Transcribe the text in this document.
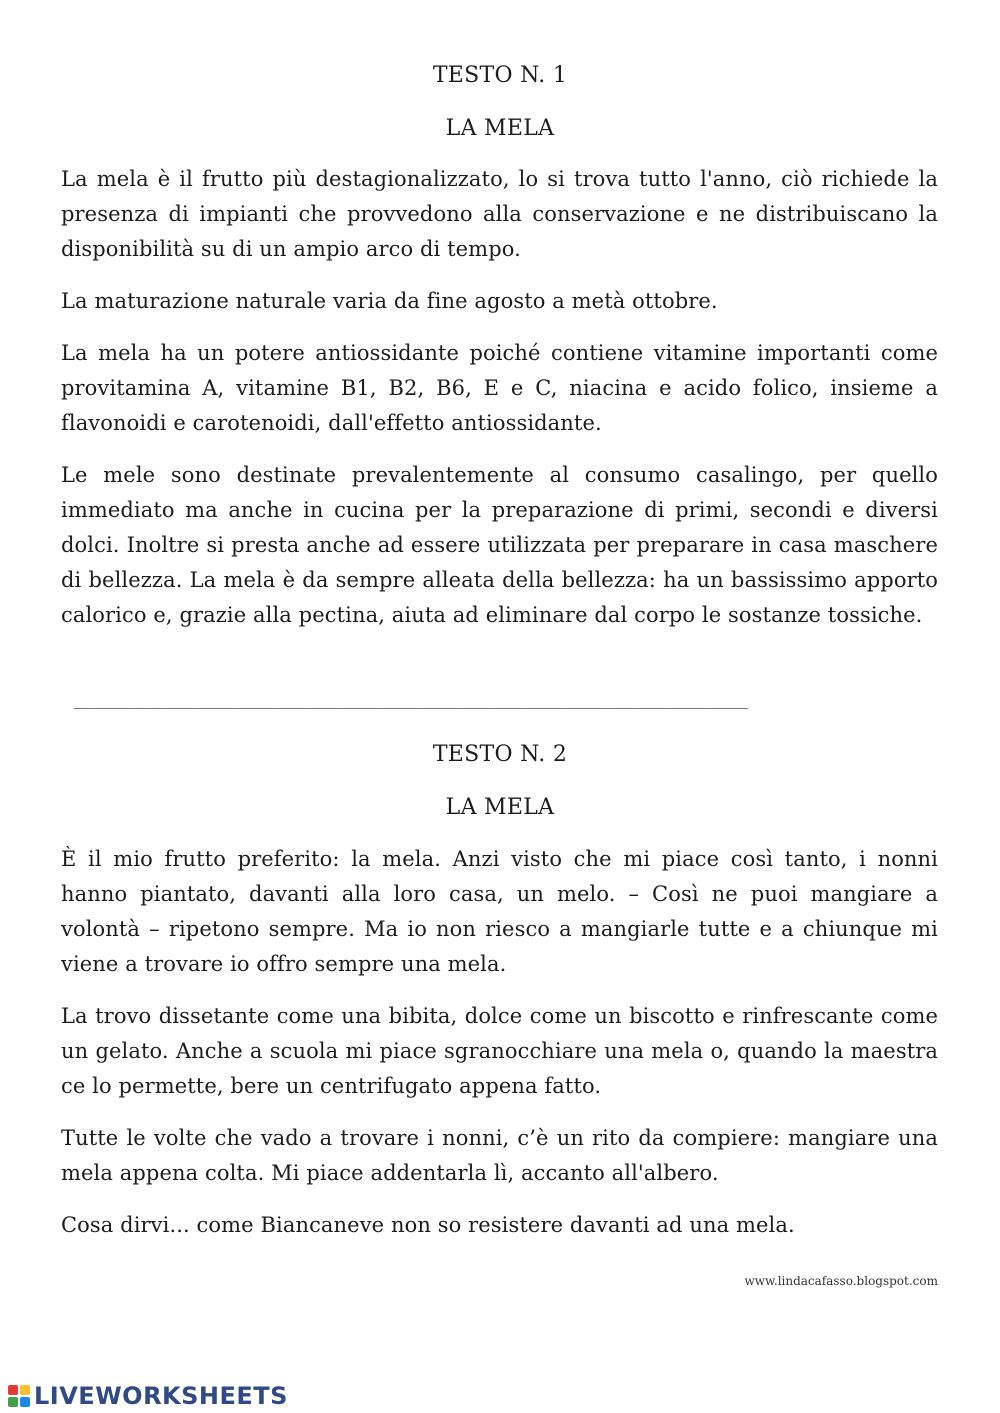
TESTO N. 1
LA MELA

La mela è il frutto più destagionalizzato, lo si trova tutto l'anno, ciò richiede la presenza di impianti che provvedono alla conservazione e ne distribuiscano la disponibilità su di un ampio arco di tempo.

La maturazione naturale varia da fine agosto a metà ottobre.

La mela ha un potere antiossidante poiché contiene vitamine importanti come provitamina A, vitamine B1, B2, B6, E e C, niacina e acido folico, insieme a flavonoidi e carotenoidi, dall'effetto antiossidante.

Le mele sono destinate prevalentemente al consumo casalingo, per quello immediato ma anche in cucina per la preparazione di primi, secondi e diversi dolci. Inoltre si presta anche ad essere utilizzata per preparare in casa maschere di bellezza. La mela è da sempre alleata della bellezza: ha un bassissimo apporto calorico e, grazie alla pectina, aiuta ad eliminare dal corpo le sostanze tossiche.

______________________________________________________________________
TESTO N. 2
LA MELA

È il mio frutto preferito: la mela. Anzi visto che mi piace così tanto, i nonni hanno piantato, davanti alla loro casa, un melo. – Così ne puoi mangiare a volontà – ripetono sempre. Ma io non riesco a mangiarle tutte e a chiunque mi viene a trovare io offro sempre una mela.

La trovo dissetante come una bibita, dolce come un biscotto e rinfrescante come un gelato. Anche a scuola mi piace sgranocchiare una mela o, quando la maestra ce lo permette, bere un centrifugato appena fatto.

Tutte le volte che vado a trovare i nonni, c’è un rito da compiere: mangiare una mela appena colta. Mi piace addentarla lì, accanto all'albero.

Cosa dirvi... come Biancaneve non so resistere davanti ad una mela.

www.lindacafasso.blogspot.com
LIVEWORKSHEETS
